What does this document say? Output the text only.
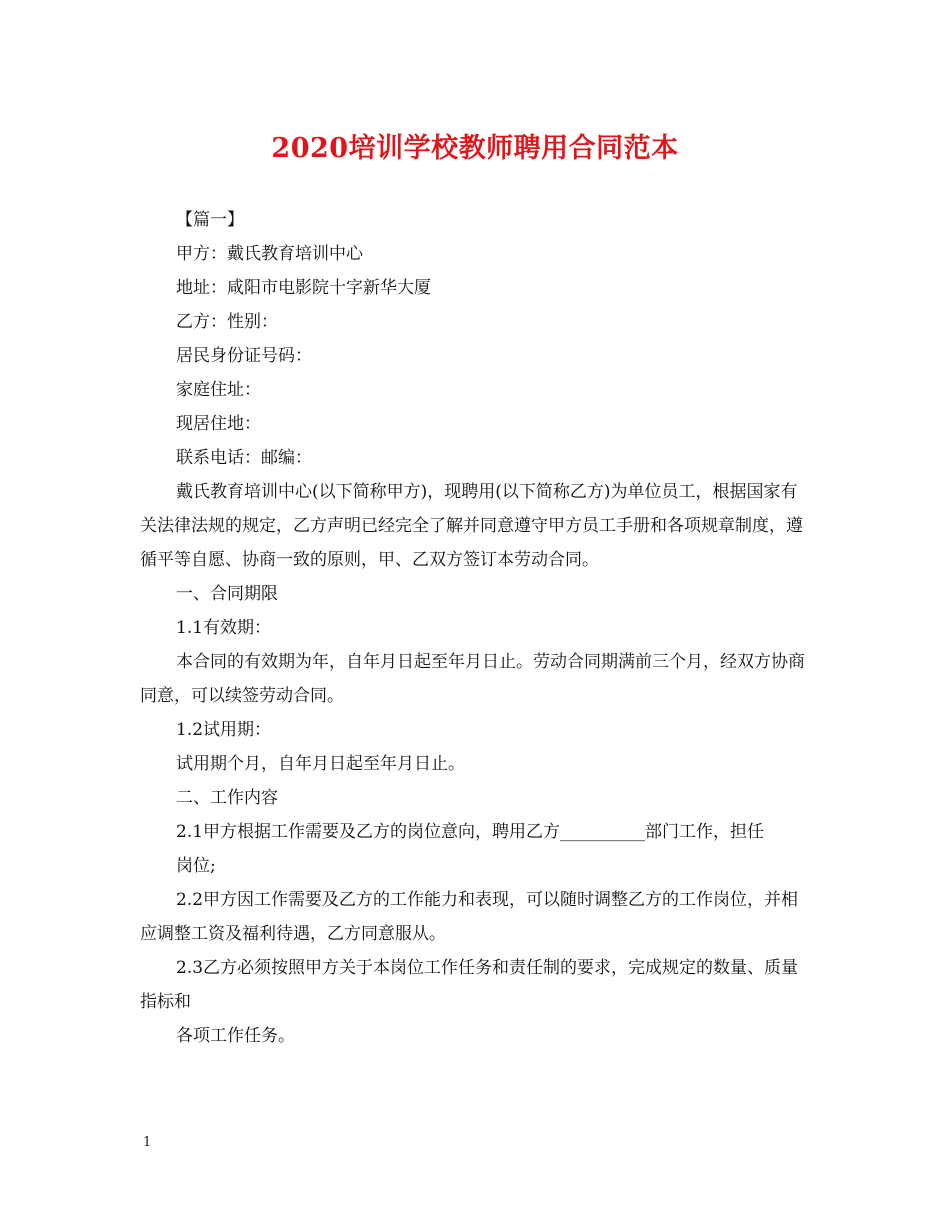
2020培训学校教师聘用合同范本

【篇一】

甲方：戴氏教育培训中心

地址：咸阳市电影院十字新华大厦

乙方：性别：

居民身份证号码：

家庭住址：

现居住地：

联系电话：邮编：

戴氏教育培训中心(以下简称甲方)，现聘用(以下简称乙方)为单位员工，根据国家有关法律法规的规定，乙方声明已经完全了解并同意遵守甲方员工手册和各项规章制度，遵循平等自愿、协商一致的原则，甲、乙双方签订本劳动合同。

一、合同期限

1.1有效期：

本合同的有效期为年，自年月日起至年月日止。劳动合同期满前三个月，经双方协商同意，可以续签劳动合同。

1.2试用期：

试用期个月，自年月日起至年月日止。

二、工作内容

2.1甲方根据工作需要及乙方的岗位意向，聘用乙方__________部门工作，担任

岗位;

2.2甲方因工作需要及乙方的工作能力和表现，可以随时调整乙方的工作岗位，并相应调整工资及福利待遇，乙方同意服从。

2.3乙方必须按照甲方关于本岗位工作任务和责任制的要求，完成规定的数量、质量指标和

各项工作任务。

1
